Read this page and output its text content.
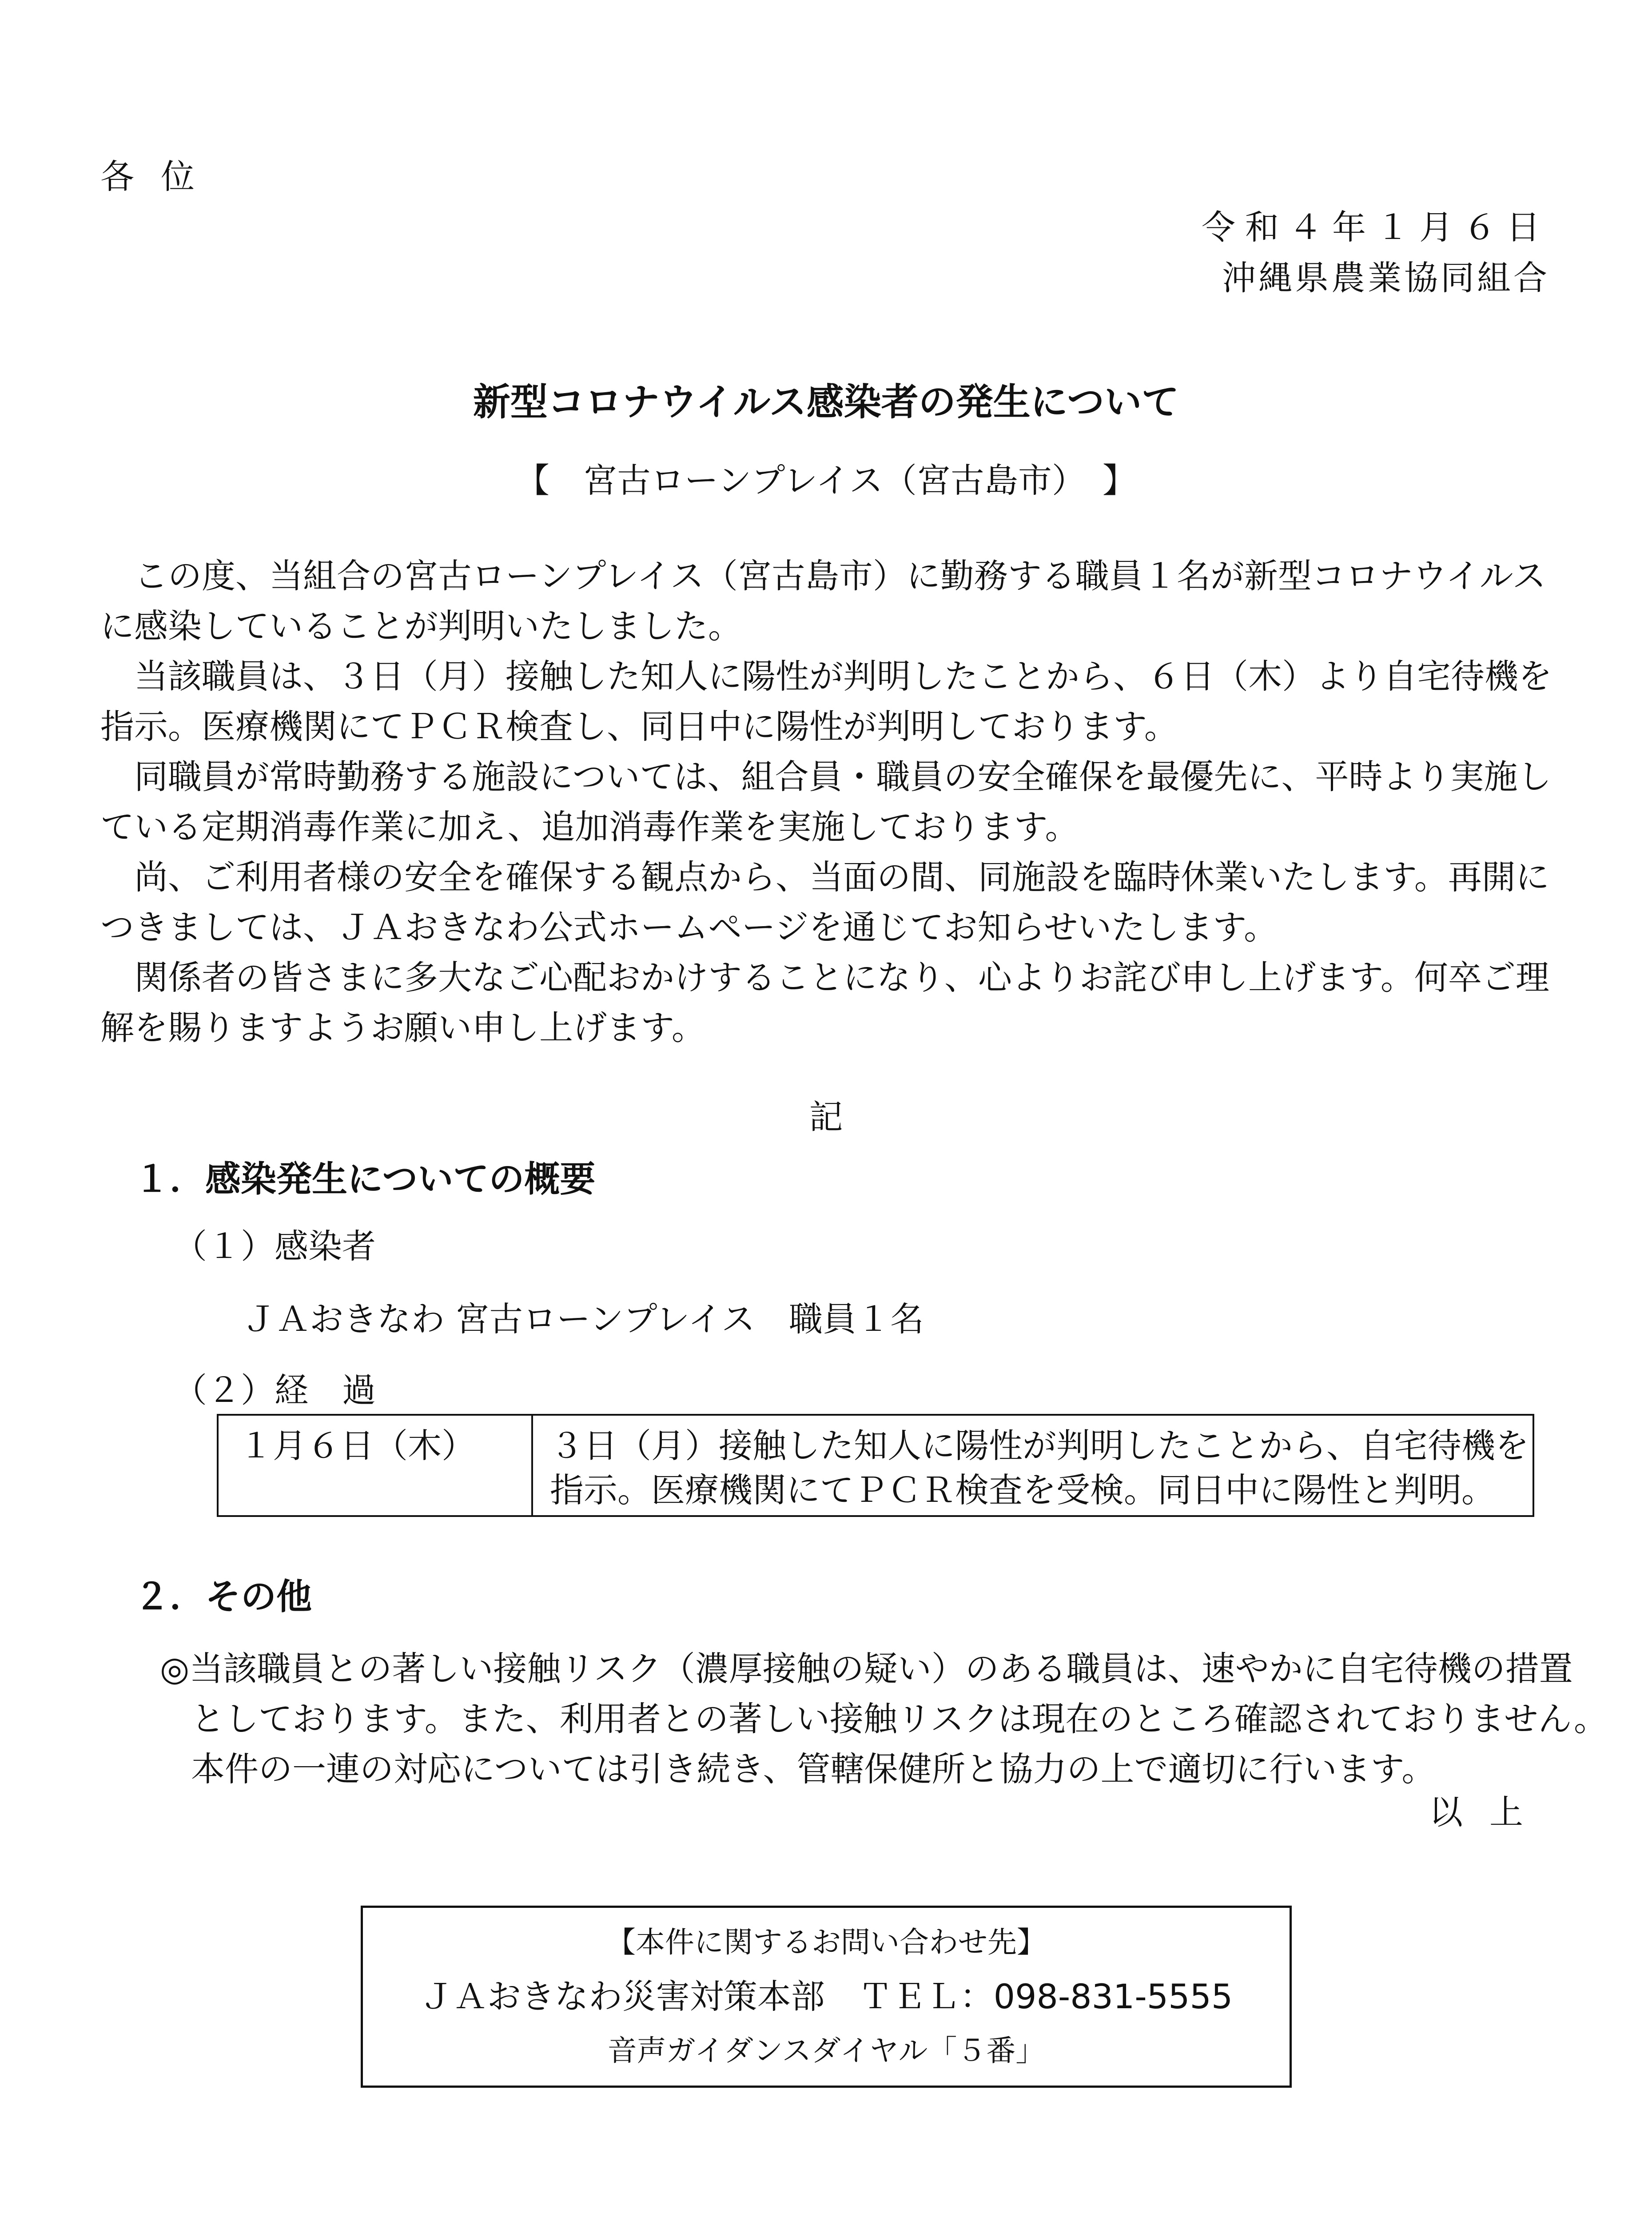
各位
令和４年１月６日
沖縄県農業協同組合
新型コロナウイルス感染者の発生について
【　宮古ローンプレイス（宮古島市）　】
　この度、当組合の宮古ローンプレイス（宮古島市）に勤務する職員１名が新型コロナウイルス
に感染していることが判明いたしました。
　当該職員は、３日（月）接触した知人に陽性が判明したことから、６日（木）より自宅待機を
指示。医療機関にてＰＣＲ検査し、同日中に陽性が判明しております。
　同職員が常時勤務する施設については、組合員・職員の安全確保を最優先に、平時より実施し
ている定期消毒作業に加え、追加消毒作業を実施しております。
　尚、ご利用者様の安全を確保する観点から、当面の間、同施設を臨時休業いたします。再開に
つきましては、ＪＡおきなわ公式ホームページを通じてお知らせいたします。
　関係者の皆さまに多大なご心配おかけすることになり、心よりお詫び申し上げます。何卒ご理
解を賜りますようお願い申し上げます。
記
１．感染発生についての概要
（１）感染者
ＪＡおきなわ 宮古ローンプレイス　職員１名
（２）経　過
１月６日（木）	３日（月）接触した知人に陽性が判明したことから、自宅待機を
指示。医療機関にてＰＣＲ検査を受検。同日中に陽性と判明。
２．その他
◎当該職員との著しい接触リスク（濃厚接触の疑い）のある職員は、速やかに自宅待機の措置
としております。また、利用者との著しい接触リスクは現在のところ確認されておりません。
本件の一連の対応については引き続き、管轄保健所と協力の上で適切に行います。
以上
【本件に関するお問い合わせ先】
ＪＡおきなわ災害対策本部　ＴＥＬ：098-831-5555
音声ガイダンスダイヤル「５番」
